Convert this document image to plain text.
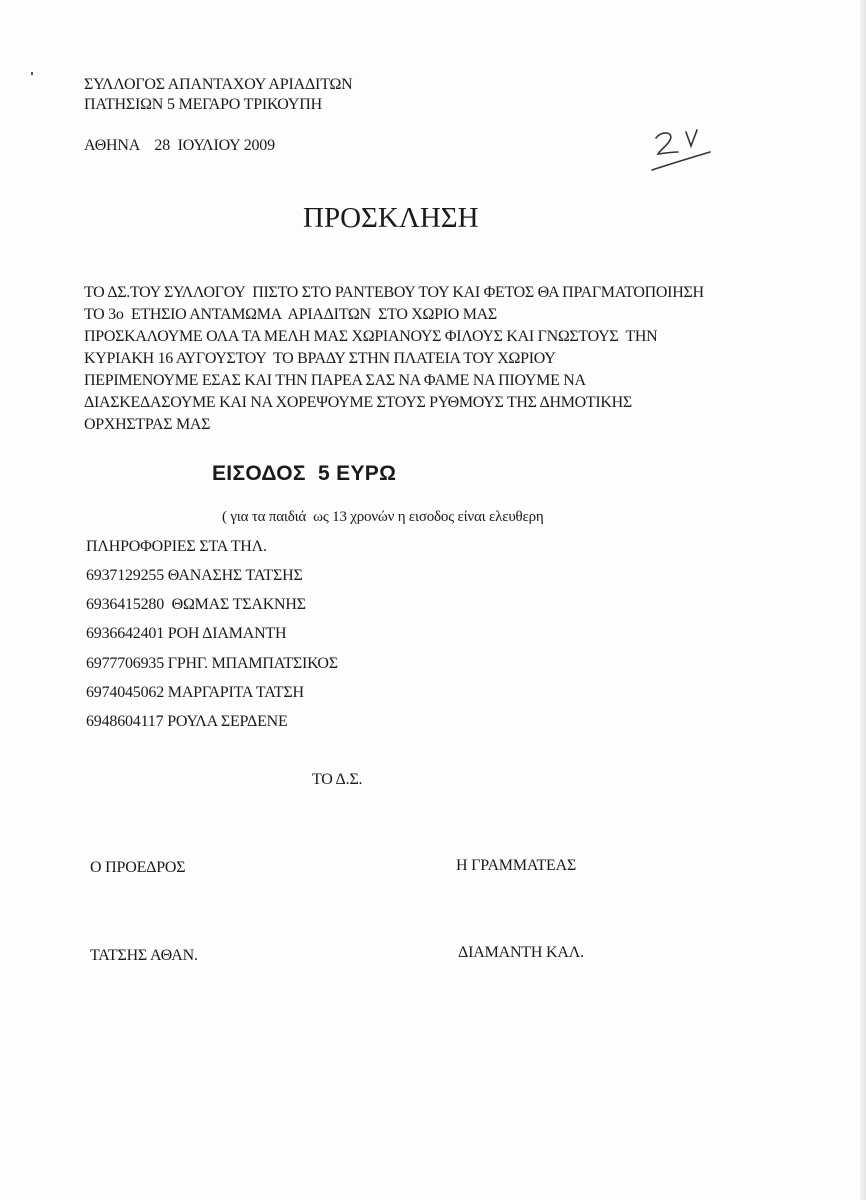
ΣΥΛΛΟΓΟΣ ΑΠΑΝΤΑΧΟΥ ΑΡΙΑΔΙΤΩΝ

ΠΑΤΗΣΙΩΝ 5 ΜΕΓΑΡΟ ΤΡΙΚΟΥΠΗ

ΑΘΗΝΑ    28  ΙΟΥΛΙΟΥ 2009

ΠΡΟΣΚΛΗΣΗ
ΤΟ ΔΣ.ΤΟΥ ΣΥΛΛΟΓΟΥ  ΠΙΣΤΟ ΣΤΟ ΡΑΝΤΕΒΟΥ ΤΟΥ ΚΑΙ ΦΕΤΟΣ ΘΑ ΠΡΑΓΜΑΤΟΠΟΙΗΣΗ
ΤΟ 3ο  ΕΤΗΣΙΟ ΑΝΤΑΜΩΜΑ  ΑΡΙΑΔΙΤΩΝ  ΣΤΟ ΧΩΡΙΟ ΜΑΣ
ΠΡΟΣΚΑΛΟΥΜΕ ΟΛΑ ΤΑ ΜΕΛΗ ΜΑΣ ΧΩΡΙΑΝΟΥΣ ΦΙΛΟΥΣ ΚΑΙ ΓΝΩΣΤΟΥΣ  ΤΗΝ
ΚΥΡΙΑΚΗ 16 ΑΥΓΟΥΣΤΟΥ  ΤΟ ΒΡΑΔΥ ΣΤΗΝ ΠΛΑΤΕΙΑ ΤΟΥ ΧΩΡΙΟΥ
ΠΕΡΙΜΕΝΟΥΜΕ ΕΣΑΣ ΚΑΙ ΤΗΝ ΠΑΡΕΑ ΣΑΣ ΝΑ ΦΑΜΕ ΝΑ ΠΙΟΥΜΕ ΝΑ
ΔΙΑΣΚΕΔΑΣΟΥΜΕ ΚΑΙ ΝΑ ΧΟΡΕΨΟΥΜΕ ΣΤΟΥΣ ΡΥΘΜΟΥΣ ΤΗΣ ΔΗΜΟΤΙΚΗΣ
ΟΡΧΗΣΤΡΑΣ ΜΑΣ

ΕΙΣΟΔΟΣ  5 ΕΥΡΩ

( για τα παιδιά  ως 13 χρονών η εισοδος είναι ελευθερη

ΠΛΗΡΟΦΟΡΙΕΣ ΣΤΑ ΤΗΛ.

6937129255 ΘΑΝΑΣΗΣ ΤΑΤΣΗΣ
6936415280  ΘΩΜΑΣ ΤΣΑΚΝΗΣ
6936642401 ΡΟΗ ΔΙΑΜΑΝΤΗ
6977706935 ΓΡΗΓ. ΜΠΑΜΠΑΤΣΙΚΟΣ
6974045062 ΜΑΡΓΑΡΙΤΑ ΤΑΤΣΗ
6948604117 ΡΟΥΛΑ ΣΕΡΔΕΝΕ

ΤΟ Δ.Σ.

Ο ΠΡΟΕΔΡΟΣ	Η ΓΡΑΜΜΑΤΕΑΣ

ΤΑΤΣΗΣ ΑΘΑΝ.	ΔΙΑΜΑΝΤΗ ΚΑΛ.
